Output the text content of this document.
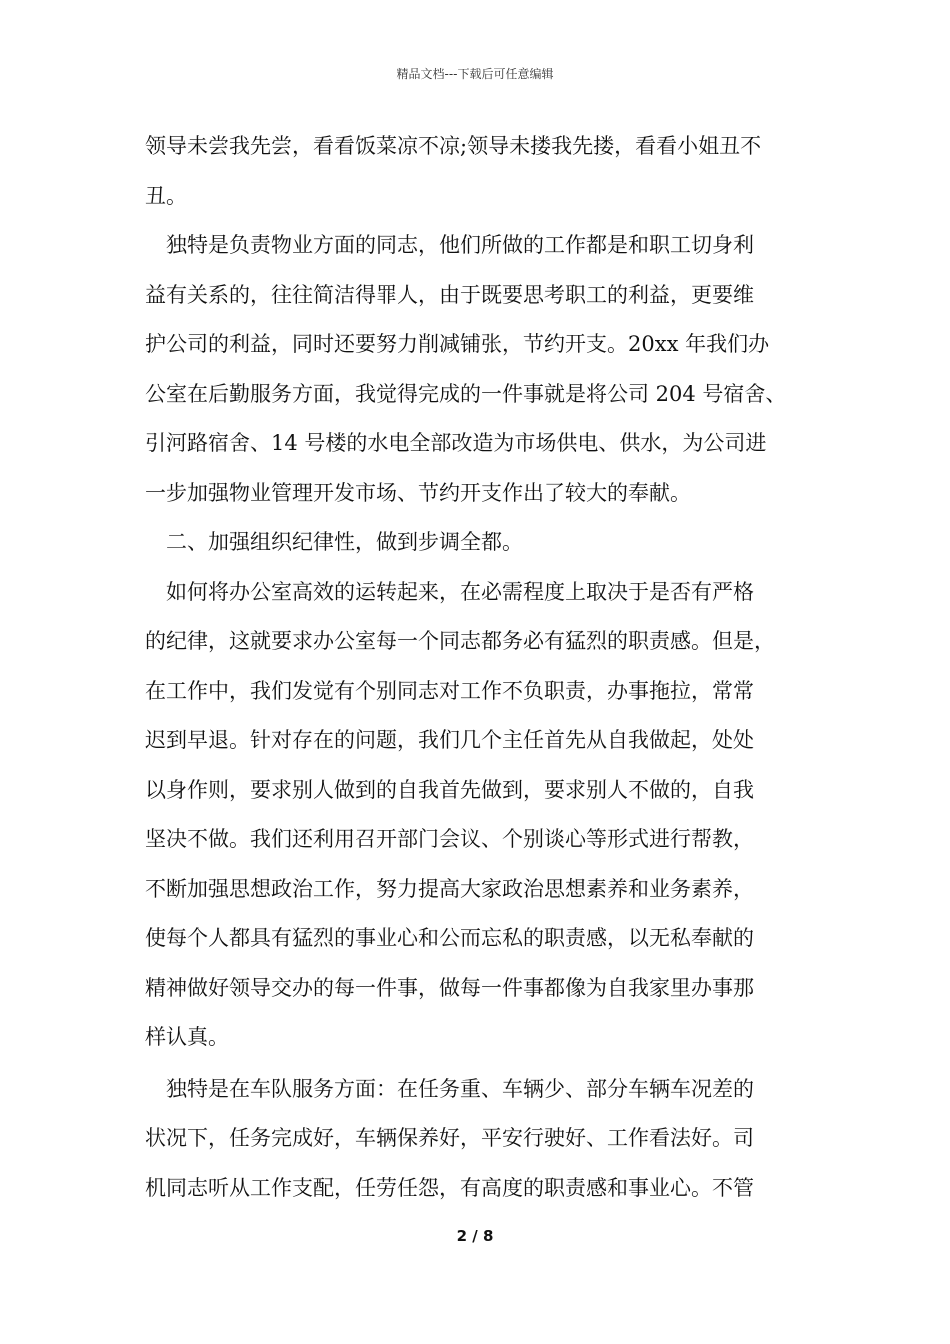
精品文档---下载后可任意编辑
领导未尝我先尝，看看饭菜凉不凉;领导未搂我先搂，看看小姐丑不
丑。
　独特是负责物业方面的同志，他们所做的工作都是和职工切身利
益有关系的，往往简洁得罪人，由于既要思考职工的利益，更要维
护公司的利益，同时还要努力削减铺张，节约开支。20xx 年我们办
公室在后勤服务方面，我觉得完成的一件事就是将公司 204 号宿舍、
引河路宿舍、14 号楼的水电全部改造为市场供电、供水，为公司进
一步加强物业管理开发市场、节约开支作出了较大的奉献。
　二、加强组织纪律性，做到步调全都。
　如何将办公室高效的运转起来，在必需程度上取决于是否有严格
的纪律，这就要求办公室每一个同志都务必有猛烈的职责感。但是，
在工作中，我们发觉有个别同志对工作不负职责，办事拖拉，常常
迟到早退。针对存在的问题，我们几个主任首先从自我做起，处处
以身作则，要求别人做到的自我首先做到，要求别人不做的，自我
坚决不做。我们还利用召开部门会议、个别谈心等形式进行帮教，
不断加强思想政治工作，努力提高大家政治思想素养和业务素养，
使每个人都具有猛烈的事业心和公而忘私的职责感，以无私奉献的
精神做好领导交办的每一件事，做每一件事都像为自我家里办事那
样认真。
　独特是在车队服务方面：在任务重、车辆少、部分车辆车况差的
状况下，任务完成好，车辆保养好，平安行驶好、工作看法好。司
机同志听从工作支配，任劳任怨，有高度的职责感和事业心。不管
2 / 8
